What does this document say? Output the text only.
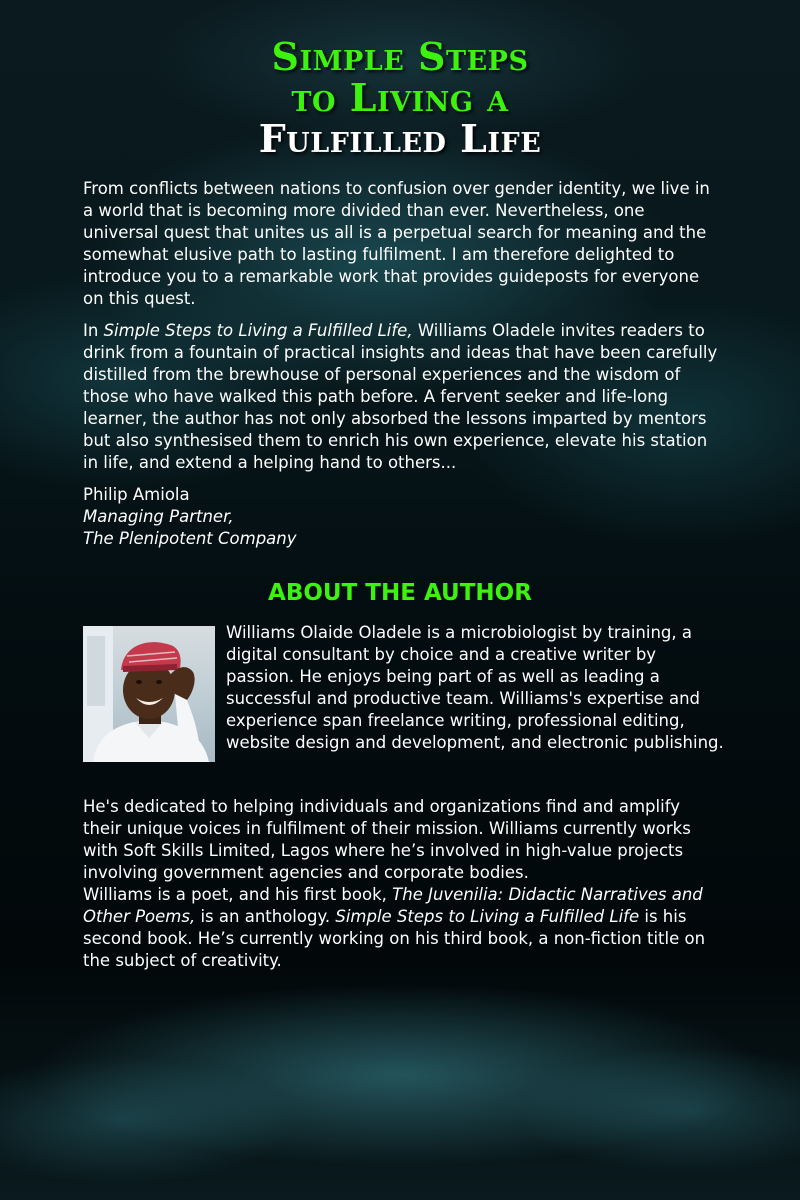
Simple Steps
to Living a
Fulfilled Life

From conflicts between nations to confusion over gender identity, we live in a world that is becoming more divided than ever. Nevertheless, one universal quest that unites us all is a perpetual search for meaning and the somewhat elusive path to lasting fulfilment. I am therefore delighted to introduce you to a remarkable work that provides guideposts for everyone on this quest.

In Simple Steps to Living a Fulfilled Life, Williams Oladele invites readers to drink from a fountain of practical insights and ideas that have been carefully distilled from the brewhouse of personal experiences and the wisdom of those who have walked this path before. A fervent seeker and life-long learner, the author has not only absorbed the lessons imparted by mentors but also synthesised them to enrich his own experience, elevate his station in life, and extend a helping hand to others...

Philip Amiola

Managing Partner,

The Plenipotent Company

ABOUT THE AUTHOR

Williams Olaide Oladele is a microbiologist by training, a digital consultant by choice and a creative writer by passion. He enjoys being part of as well as leading a successful and productive team. Williams's expertise and experience span freelance writing, professional editing, website design and development, and electronic publishing.

He's dedicated to helping individuals and organizations find and amplify their unique voices in fulfilment of their mission. Williams currently works with Soft Skills Limited, Lagos where he’s involved in high-value projects involving government agencies and corporate bodies.

Williams is a poet, and his first book, The Juvenilia: Didactic Narratives and Other Poems, is an anthology. Simple Steps to Living a Fulfilled Life is his second book. He’s currently working on his third book, a non-fiction title on the subject of creativity.
